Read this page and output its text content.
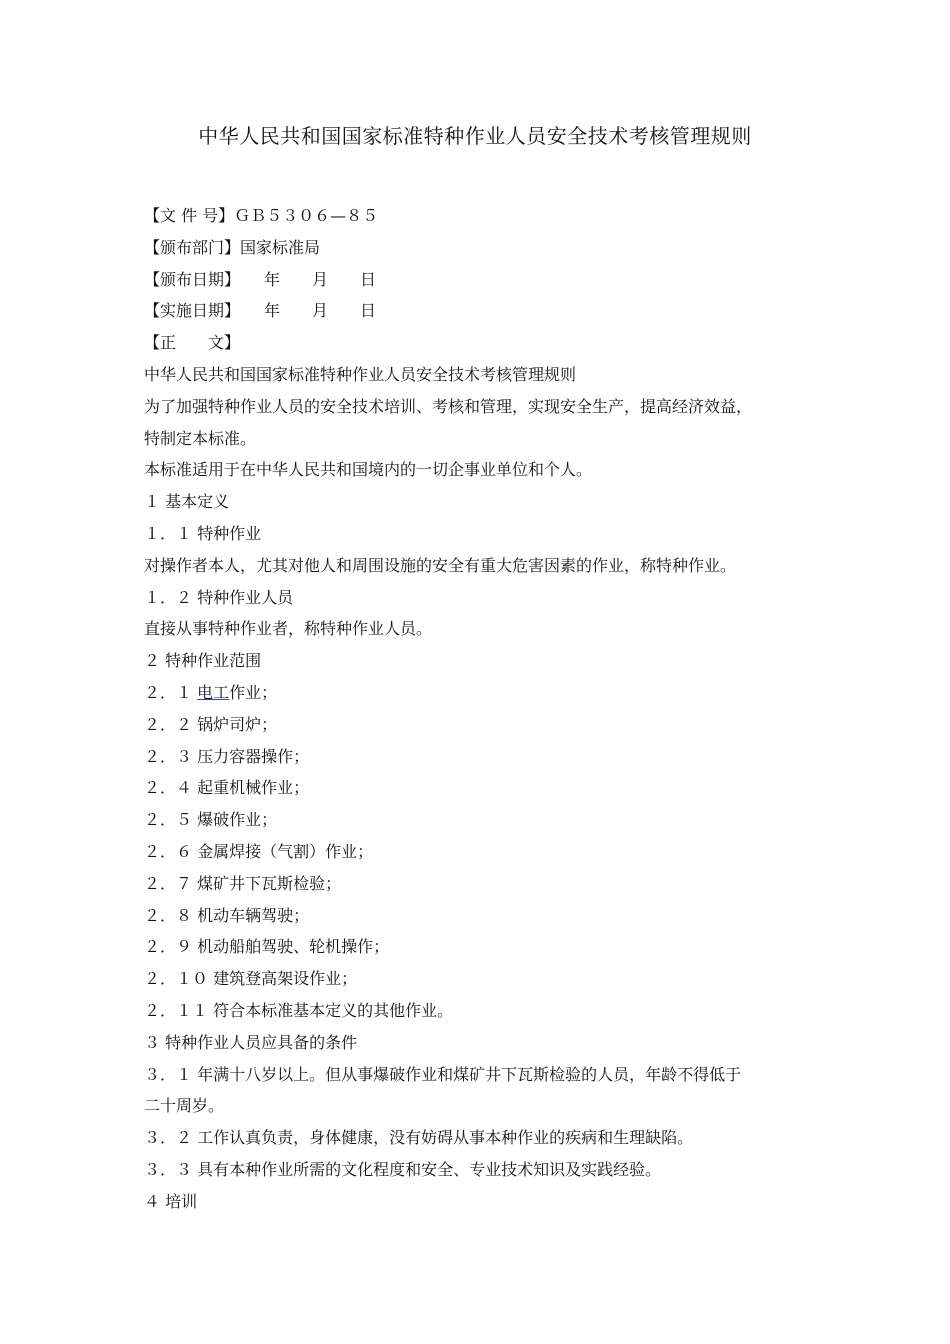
中华人民共和国国家标准特种作业人员安全技术考核管理规则
【文 件 号】ＧＢ５３０６—８５
【颁布部门】国家标准局
【颁布日期】　　年　　月　　日
【实施日期】　　年　　月　　日
【正　　文】
中华人民共和国国家标准特种作业人员安全技术考核管理规则
为了加强特种作业人员的安全技术培训、考核和管理，实现安全生产，提高经济效益，
特制定本标准。
本标准适用于在中华人民共和国境内的一切企事业单位和个人。
１ 基本定义
１．１ 特种作业
对操作者本人，尤其对他人和周围设施的安全有重大危害因素的作业，称特种作业。
１．２ 特种作业人员
直接从事特种作业者，称特种作业人员。
２ 特种作业范围
２．１ 电工作业；
２．２ 锅炉司炉；
２．３ 压力容器操作；
２．４ 起重机械作业；
２．５ 爆破作业；
２．６ 金属焊接（气割）作业；
２．７ 煤矿井下瓦斯检验；
２．８ 机动车辆驾驶；
２．９ 机动船舶驾驶、轮机操作；
２．１０ 建筑登高架设作业；
２．１１ 符合本标准基本定义的其他作业。
３ 特种作业人员应具备的条件
３．１ 年满十八岁以上。但从事爆破作业和煤矿井下瓦斯检验的人员，年龄不得低于
二十周岁。
３．２ 工作认真负责，身体健康，没有妨碍从事本种作业的疾病和生理缺陷。
３．３ 具有本种作业所需的文化程度和安全、专业技术知识及实践经验。
４ 培训
